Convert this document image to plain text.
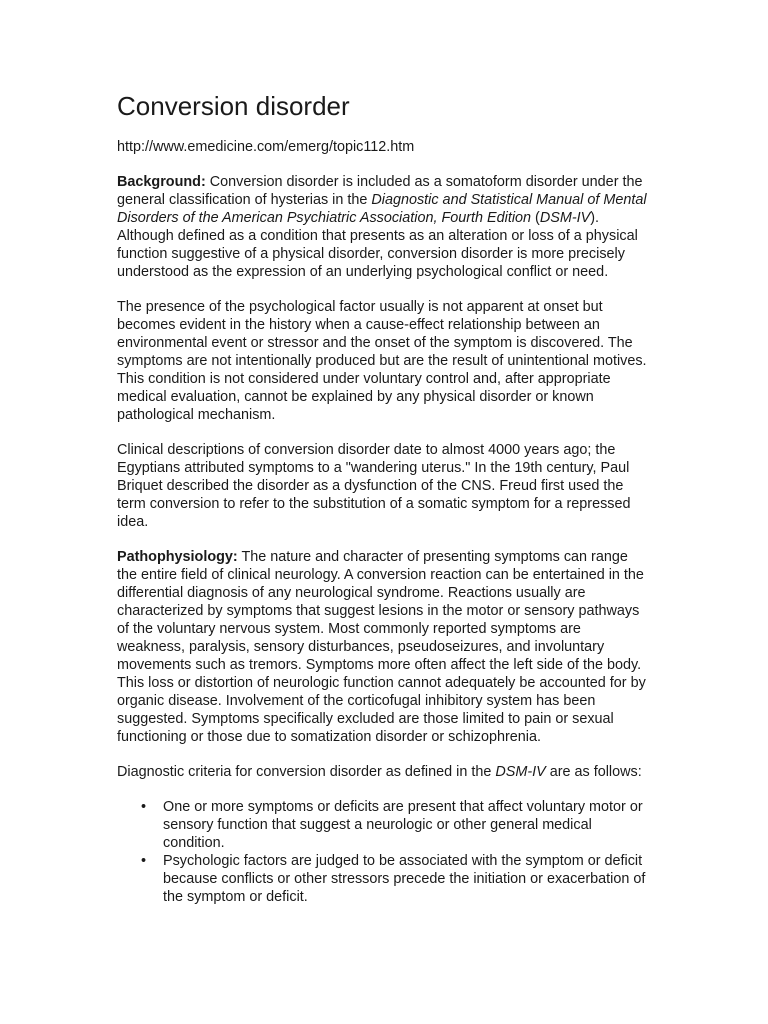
Conversion disorder
http://www.emedicine.com/emerg/topic112.htm

Background: Conversion disorder is included as a somatoform disorder under the general classification of hysterias in the Diagnostic and Statistical Manual of Mental Disorders of the American Psychiatric Association, Fourth Edition (DSM-IV). Although defined as a condition that presents as an alteration or loss of a physical function suggestive of a physical disorder, conversion disorder is more precisely understood as the expression of an underlying psychological conflict or need.

The presence of the psychological factor usually is not apparent at onset but becomes evident in the history when a cause-effect relationship between an environmental event or stressor and the onset of the symptom is discovered. The symptoms are not intentionally produced but are the result of unintentional motives. This condition is not considered under voluntary control and, after appropriate medical evaluation, cannot be explained by any physical disorder or known pathological mechanism.

Clinical descriptions of conversion disorder date to almost 4000 years ago; the Egyptians attributed symptoms to a "wandering uterus." In the 19th century, Paul Briquet described the disorder as a dysfunction of the CNS. Freud first used the term conversion to refer to the substitution of a somatic symptom for a repressed idea.

Pathophysiology: The nature and character of presenting symptoms can range the entire field of clinical neurology. A conversion reaction can be entertained in the differential diagnosis of any neurological syndrome. Reactions usually are characterized by symptoms that suggest lesions in the motor or sensory pathways of the voluntary nervous system. Most commonly reported symptoms are weakness, paralysis, sensory disturbances, pseudoseizures, and involuntary movements such as tremors. Symptoms more often affect the left side of the body. This loss or distortion of neurologic function cannot adequately be accounted for by organic disease. Involvement of the corticofugal inhibitory system has been suggested. Symptoms specifically excluded are those limited to pain or sexual functioning or those due to somatization disorder or schizophrenia.

Diagnostic criteria for conversion disorder as defined in the DSM-IV are as follows:

• One or more symptoms or deficits are present that affect voluntary motor or sensory function that suggest a neurologic or other general medical condition.
• Psychologic factors are judged to be associated with the symptom or deficit because conflicts or other stressors precede the initiation or exacerbation of the symptom or deficit.
